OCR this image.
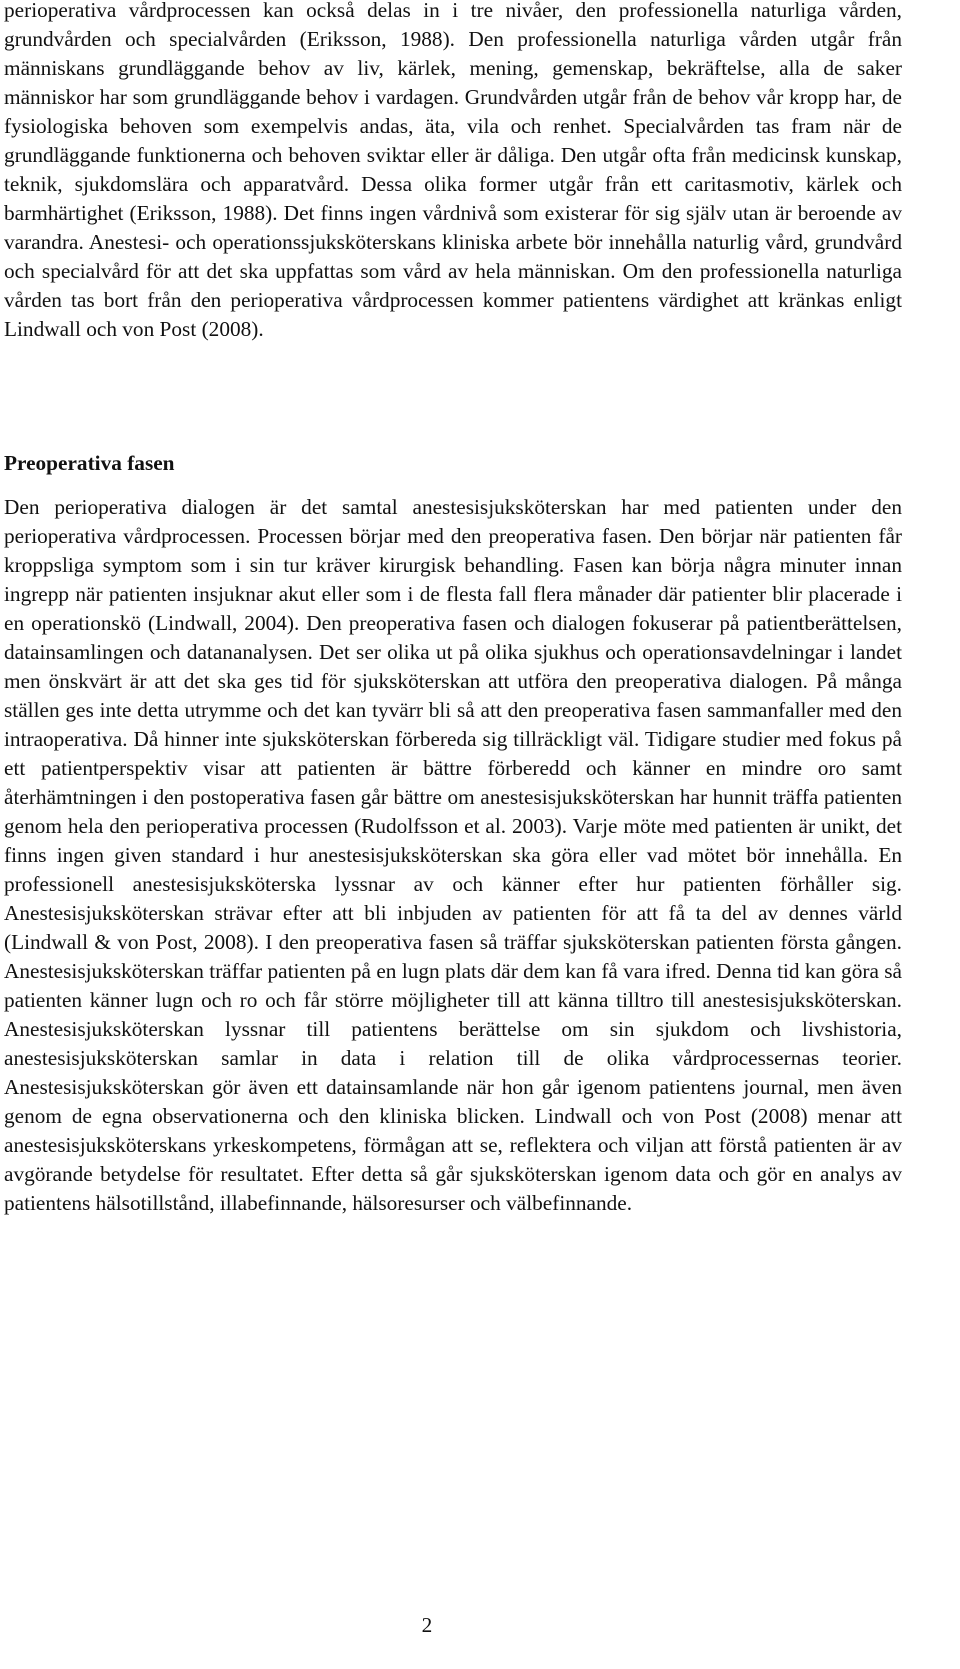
perioperativa vårdprocessen kan också delas in i tre nivåer, den professionella naturliga vården, grundvården och specialvården (Eriksson, 1988). Den professionella naturliga vården utgår från människans grundläggande behov av liv, kärlek, mening, gemenskap, bekräftelse, alla de saker människor har som grundläggande behov i vardagen. Grundvården utgår från de behov vår kropp har, de fysiologiska behoven som exempelvis andas, äta, vila och renhet. Specialvården tas fram när de grundläggande funktionerna och behoven sviktar eller är dåliga. Den utgår ofta från medicinsk kunskap, teknik, sjukdomslära och apparatvård. Dessa olika former utgår från ett caritasmotiv, kärlek och barmhärtighet (Eriksson, 1988). Det finns ingen vårdnivå som existerar för sig själv utan är beroende av varandra. Anestesi- och operationssjuksköterskans kliniska arbete bör innehålla naturlig vård, grundvård och specialvård för att det ska uppfattas som vård av hela människan. Om den professionella naturliga vården tas bort från den perioperativa vårdprocessen kommer patientens värdighet att kränkas enligt Lindwall och von Post (2008).

Preoperativa fasen

Den perioperativa dialogen är det samtal anestesisjuksköterskan har med patienten under den perioperativa vårdprocessen. Processen börjar med den preoperativa fasen. Den börjar när patienten får kroppsliga symptom som i sin tur kräver kirurgisk behandling. Fasen kan börja några minuter innan ingrepp när patienten insjuknar akut eller som i de flesta fall flera månader där patienter blir placerade i en operationskö (Lindwall, 2004). Den preoperativa fasen och dialogen fokuserar på patientberättelsen, datainsamlingen och datananalysen. Det ser olika ut på olika sjukhus och operationsavdelningar i landet men önskvärt är att det ska ges tid för sjuksköterskan att utföra den preoperativa dialogen. På många ställen ges inte detta utrymme och det kan tyvärr bli så att den preoperativa fasen sammanfaller med den intraoperativa. Då hinner inte sjuksköterskan förbereda sig tillräckligt väl. Tidigare studier med fokus på ett patientperspektiv visar att patienten är bättre förberedd och känner en mindre oro samt återhämtningen i den postoperativa fasen går bättre om anestesisjuksköterskan har hunnit träffa patienten genom hela den perioperativa processen (Rudolfsson et al. 2003). Varje möte med patienten är unikt, det finns ingen given standard i hur anestesisjuksköterskan ska göra eller vad mötet bör innehålla. En professionell anestesisjuksköterska lyssnar av och känner efter hur patienten förhåller sig. Anestesisjuksköterskan strävar efter att bli inbjuden av patienten för att få ta del av dennes värld (Lindwall & von Post, 2008). I den preoperativa fasen så träffar sjuksköterskan patienten första gången. Anestesisjuksköterskan träffar patienten på en lugn plats där dem kan få vara ifred. Denna tid kan göra så patienten känner lugn och ro och får större möjligheter till att känna tilltro till anestesisjuksköterskan. Anestesisjuksköterskan lyssnar till patientens berättelse om sin sjukdom och livshistoria, anestesisjuksköterskan samlar in data i relation till de olika vårdprocessernas teorier. Anestesisjuksköterskan gör även ett datainsamlande när hon går igenom patientens journal, men även genom de egna observationerna och den kliniska blicken. Lindwall och von Post (2008) menar att anestesisjuksköterskans yrkeskompetens, förmågan att se, reflektera och viljan att förstå patienten är av avgörande betydelse för resultatet. Efter detta så går sjuksköterskan igenom data och gör en analys av patientens hälsotillstånd, illabefinnande, hälsoresurser och välbefinnande.

2
